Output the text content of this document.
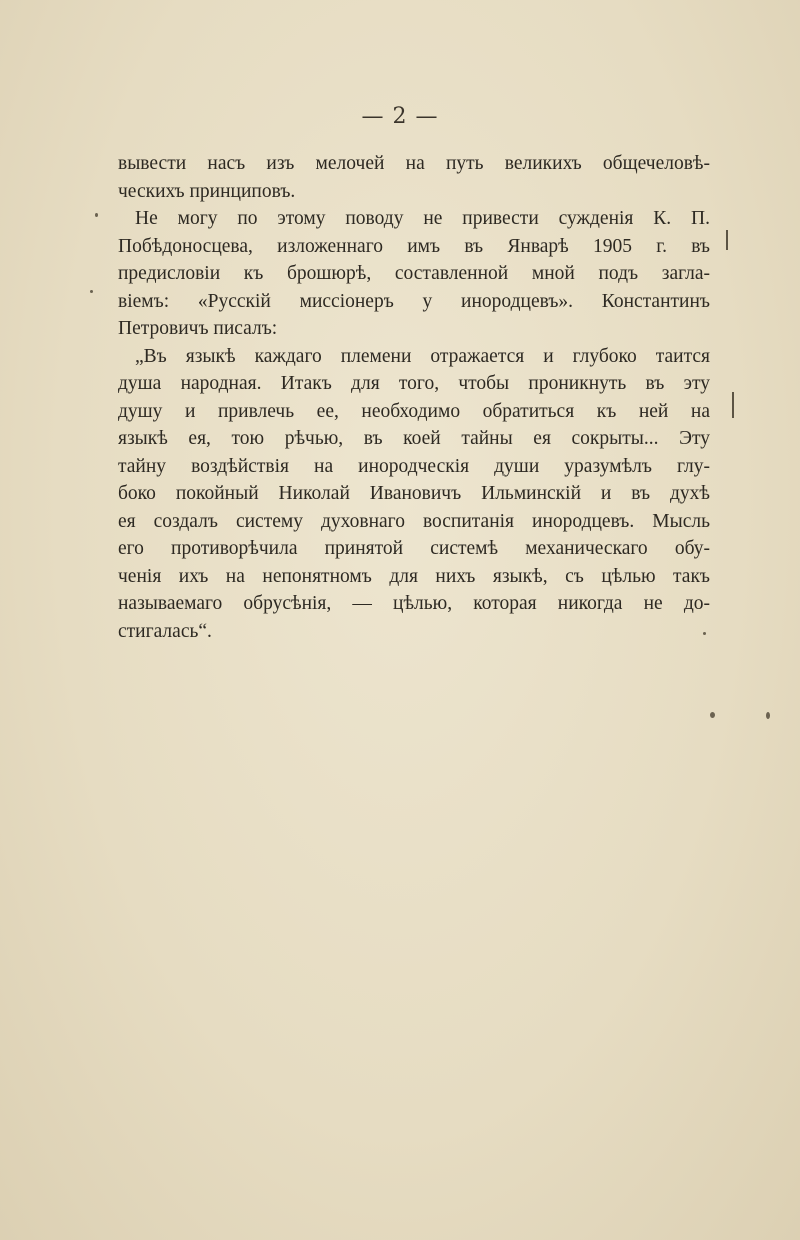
— 2 —
вывести насъ изъ мелочей на путь великихъ общечеловѣ-
ческихъ принциповъ.
Не могу по этому поводу не привести сужденія К. П.
Побѣдоносцева, изложеннаго имъ въ Январѣ 1905 г. въ
предисловіи къ брошюрѣ, составленной мной подъ загла-
віемъ: «Русскій миссіонеръ у инородцевъ». Константинъ
Петровичъ писалъ:
„Въ языкѣ каждаго племени отражается и глубоко таится
душа народная. Итакъ для того, чтобы проникнуть въ эту
душу и привлечь ее, необходимо обратиться къ ней на
языкѣ ея, тою рѣчью, въ коей тайны ея сокрыты... Эту
тайну воздѣйствія на инородческія души уразумѣлъ глу-
боко покойный Николай Ивановичъ Ильминскій и въ духѣ
ея создалъ систему духовнаго воспитанія инородцевъ. Мысль
его противорѣчила принятой системѣ механическаго обу-
ченія ихъ на непонятномъ для нихъ языкѣ, съ цѣлью такъ
называемаго обрусѣнія, — цѣлью, которая никогда не до-
стигалась“.
